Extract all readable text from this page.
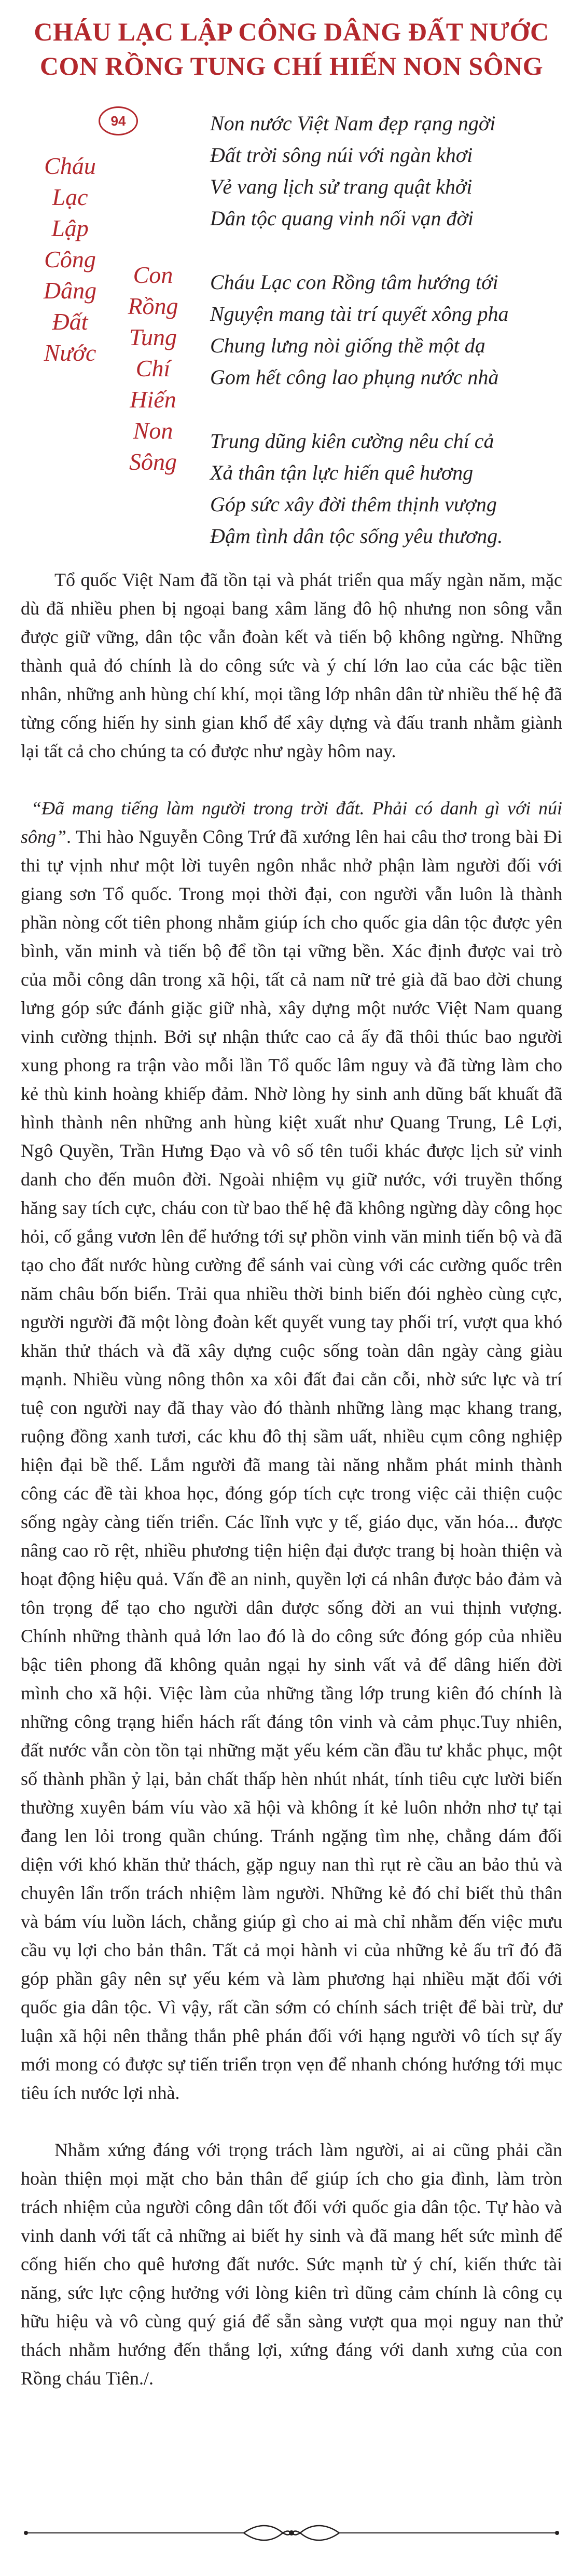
CHÁU LẠC LẬP CÔNG DÂNG ĐẤT NƯỚC
CON RỒNG TUNG CHÍ HIẾN NON SÔNG
94
Cháu
Lạc
Lập
Công
Dâng
Đất
Nước
Con
Rồng
Tung
Chí
Hiến
Non
Sông
Non nước Việt Nam đẹp rạng ngời
Đất trời sông núi với ngàn khơi
Vẻ vang lịch sử trang quật khởi
Dân tộc quang vinh nối vạn đời
Cháu Lạc con Rồng tâm hướng tới
Nguyện mang tài trí quyết xông pha
Chung lưng nòi giống thề một dạ
Gom hết công lao phụng nước nhà
Trung dũng kiên cường nêu chí cả
Xả thân tận lực hiến quê hương
Góp sức xây đời thêm thịnh vượng
Đậm tình dân tộc sống yêu thương.

Tổ quốc Việt Nam đã tồn tại và phát triển qua mấy ngàn năm, mặc dù đã nhiều phen bị ngoại bang xâm lăng đô hộ nhưng non sông vẫn được giữ vững, dân tộc vẫn đoàn kết và tiến bộ không ngừng. Những thành quả đó chính là do công sức và ý chí lớn lao của các bậc tiền nhân, những anh hùng chí khí, mọi tầng lớp nhân dân từ nhiều thế hệ đã từng cống hiến hy sinh gian khổ để xây dựng và đấu tranh nhằm giành lại tất cả cho chúng ta có được như ngày hôm nay.

“Đã mang tiếng làm người trong trời đất. Phải có danh gì với núi sông”. Thi hào Nguyễn Công Trứ đã xướng lên hai câu thơ trong bài Đi thi tự vịnh như một lời tuyên ngôn nhắc nhở phận làm người đối với giang sơn Tổ quốc. Trong mọi thời đại, con người vẫn luôn là thành phần nòng cốt tiên phong nhằm giúp ích cho quốc gia dân tộc được yên bình, văn minh và tiến bộ để tồn tại vững bền. Xác định được vai trò của mỗi công dân trong xã hội, tất cả nam nữ trẻ già đã bao đời chung lưng góp sức đánh giặc giữ nhà, xây dựng một nước Việt Nam quang vinh cường thịnh. Bởi sự nhận thức cao cả ấy đã thôi thúc bao người xung phong ra trận vào mỗi lần Tổ quốc lâm nguy và đã từng làm cho kẻ thù kinh hoàng khiếp đảm. Nhờ lòng hy sinh anh dũng bất khuất đã hình thành nên những anh hùng kiệt xuất như Quang Trung, Lê Lợi, Ngô Quyền, Trần Hưng Đạo và vô số tên tuổi khác được lịch sử vinh danh cho đến muôn đời. Ngoài nhiệm vụ giữ nước, với truyền thống hăng say tích cực, cháu con từ bao thế hệ đã không ngừng dày công học hỏi, cố gắng vươn lên để hướng tới sự phồn vinh văn minh tiến bộ và đã tạo cho đất nước hùng cường để sánh vai cùng với các cường quốc trên năm châu bốn biển. Trải qua nhiều thời binh biến đói nghèo cùng cực, người người đã một lòng đoàn kết quyết vung tay phối trí, vượt qua khó khăn thử thách và đã xây dựng cuộc sống toàn dân ngày càng giàu mạnh. Nhiều vùng nông thôn xa xôi đất đai cằn cỗi, nhờ sức lực và trí tuệ con người nay đã thay vào đó thành những làng mạc khang trang, ruộng đồng xanh tươi, các khu đô thị sầm uất, nhiều cụm công nghiệp hiện đại bề thế. Lắm người đã mang tài năng nhằm phát minh thành công các đề tài khoa học, đóng góp tích cực trong việc cải thiện cuộc sống ngày càng tiến triển. Các lĩnh vực y tế, giáo dục, văn hóa... được nâng cao rõ rệt, nhiều phương tiện hiện đại được trang bị hoàn thiện và hoạt động hiệu quả. Vấn đề an ninh, quyền lợi cá nhân được bảo đảm và tôn trọng để tạo cho người dân được sống đời an vui thịnh vượng. Chính những thành quả lớn lao đó là do công sức đóng góp của nhiều bậc tiên phong đã không quản ngại hy sinh vất vả để dâng hiến đời mình cho xã hội. Việc làm của những tầng lớp trung kiên đó chính là những công trạng hiển hách rất đáng tôn vinh và cảm phục.Tuy nhiên, đất nước vẫn còn tồn tại những mặt yếu kém cần đầu tư khắc phục, một số thành phần ỷ lại, bản chất thấp hèn nhút nhát, tính tiêu cực lười biến thường xuyên bám víu vào xã hội và không ít kẻ luôn nhởn nhơ tự tại đang len lỏi trong quần chúng. Tránh ngặng tìm nhẹ, chẳng dám đối diện với khó khăn thử thách, gặp nguy nan thì rụt rè cầu an bảo thủ và chuyên lẩn trốn trách nhiệm làm người. Những kẻ đó chỉ biết thủ thân và bám víu luồn lách, chẳng giúp gì cho ai mà chỉ nhằm đến việc mưu cầu vụ lợi cho bản thân. Tất cả mọi hành vi của những kẻ ấu trĩ đó đã góp phần gây nên sự yếu kém và làm phương hại nhiều mặt đối với quốc gia dân tộc. Vì vậy, rất cần sớm có chính sách triệt để bài trừ, dư luận xã hội nên thẳng thắn phê phán đối với hạng người vô tích sự ấy mới mong có được sự tiến triển trọn vẹn để nhanh chóng hướng tới mục tiêu ích nước lợi nhà.

Nhằm xứng đáng với trọng trách làm người, ai ai cũng phải cần hoàn thiện mọi mặt cho bản thân để giúp ích cho gia đình, làm tròn trách nhiệm của người công dân tốt đối với quốc gia dân tộc. Tự hào và vinh danh với tất cả những ai biết hy sinh và đã mang hết sức mình để cống hiến cho quê hương đất nước. Sức mạnh từ ý chí, kiến thức tài năng, sức lực cộng hưởng với lòng kiên trì dũng cảm chính là công cụ hữu hiệu và vô cùng quý giá để sẵn sàng vượt qua mọi nguy nan thử thách nhằm hướng đến thắng lợi, xứng đáng với danh xưng của con Rồng cháu Tiên./.
